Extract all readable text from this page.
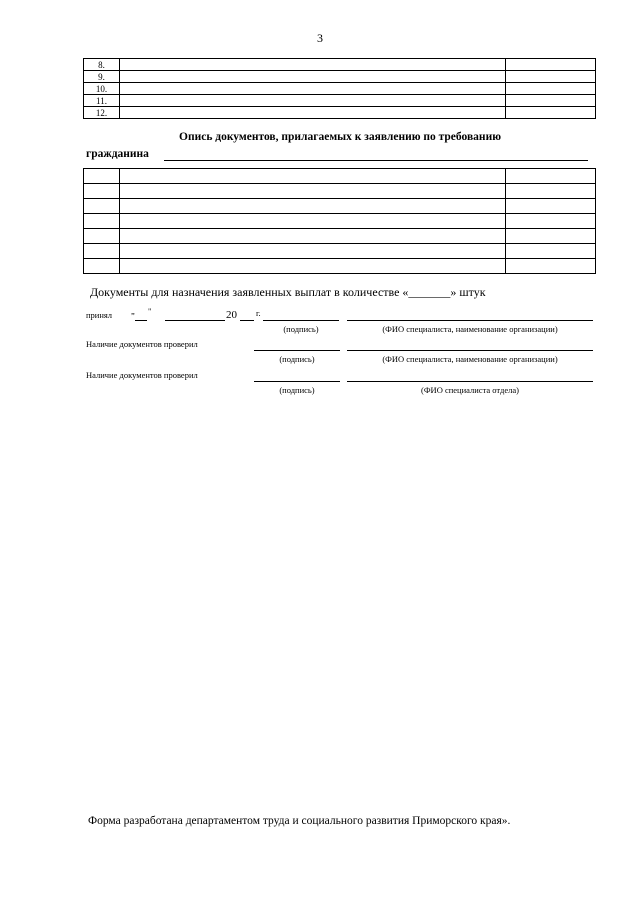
3
8.		
9.		
10.		
11.		
12.		
Опись документов, прилагаемых к заявлению по требованию
гражданина

Документы для назначения заявленных выплат в количестве «_______» штук
принял „ "	20 г.
(подпись)	(ФИО специалиста, наименование организации)
Наличие документов проверил
(подпись)	(ФИО специалиста, наименование организации)
Наличие документов проверил
(подпись)	(ФИО специалиста отдела)
Форма разработана департаментом труда и социального развития Приморского края».
